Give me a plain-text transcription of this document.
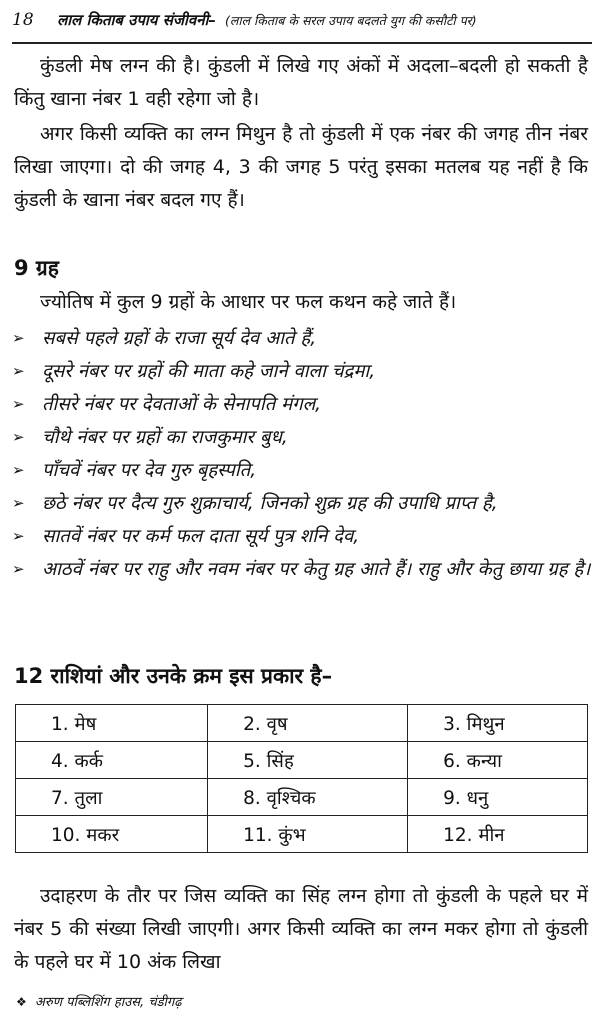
18 लाल किताब उपाय संजीवनी– (लाल किताब के सरल उपाय बदलते युग की कसौटी पर)

कुंडली मेष लग्न की है। कुंडली में लिखे गए अंकों में अदला–बदली हो सकती है किंतु खाना नंबर 1 वही रहेगा जो है।

अगर किसी व्यक्ति का लग्न मिथुन है तो कुंडली में एक नंबर की जगह तीन नंबर लिखा जाएगा। दो की जगह 4, 3 की जगह 5 परंतु इसका मतलब यह नहीं है कि कुंडली के खाना नंबर बदल गए हैं।

9 ग्रह

ज्योतिष में कुल 9 ग्रहों के आधार पर फल कथन कहे जाते हैं।

➢ सबसे पहले ग्रहों के राजा सूर्य देव आते हैं,
➢ दूसरे नंबर पर ग्रहों की माता कहे जाने वाला चंद्रमा,
➢ तीसरे नंबर पर देवताओं के सेनापति मंगल,
➢ चौथे नंबर पर ग्रहों का राजकुमार बुध,
➢ पाँचवें नंबर पर देव गुरु बृहस्पति,
➢ छठे नंबर पर दैत्य गुरु शुक्राचार्य, जिनको शुक्र ग्रह की उपाधि प्राप्त है,
➢ सातवें नंबर पर कर्म फल दाता सूर्य पुत्र शनि देव,
➢ आठवें नंबर पर राहु और नवम नंबर पर केतु ग्रह आते हैं। राहु और केतु छाया ग्रह है।
12 राशियां और उनके क्रम इस प्रकार है–
1. मेष	2. वृष	3. मिथुन
4. कर्क	5. सिंह	6. कन्या
7. तुला	8. वृश्चिक	9. धनु
10. मकर	11. कुंभ	12. मीन

उदाहरण के तौर पर जिस व्यक्ति का सिंह लग्न होगा तो कुंडली के पहले घर में नंबर 5 की संख्या लिखी जाएगी। अगर किसी व्यक्ति का लग्न मकर होगा तो कुंडली के पहले घर में 10 अंक लिखा

❖ अरुण पब्लिशिंग हाउस, चंडीगढ़
